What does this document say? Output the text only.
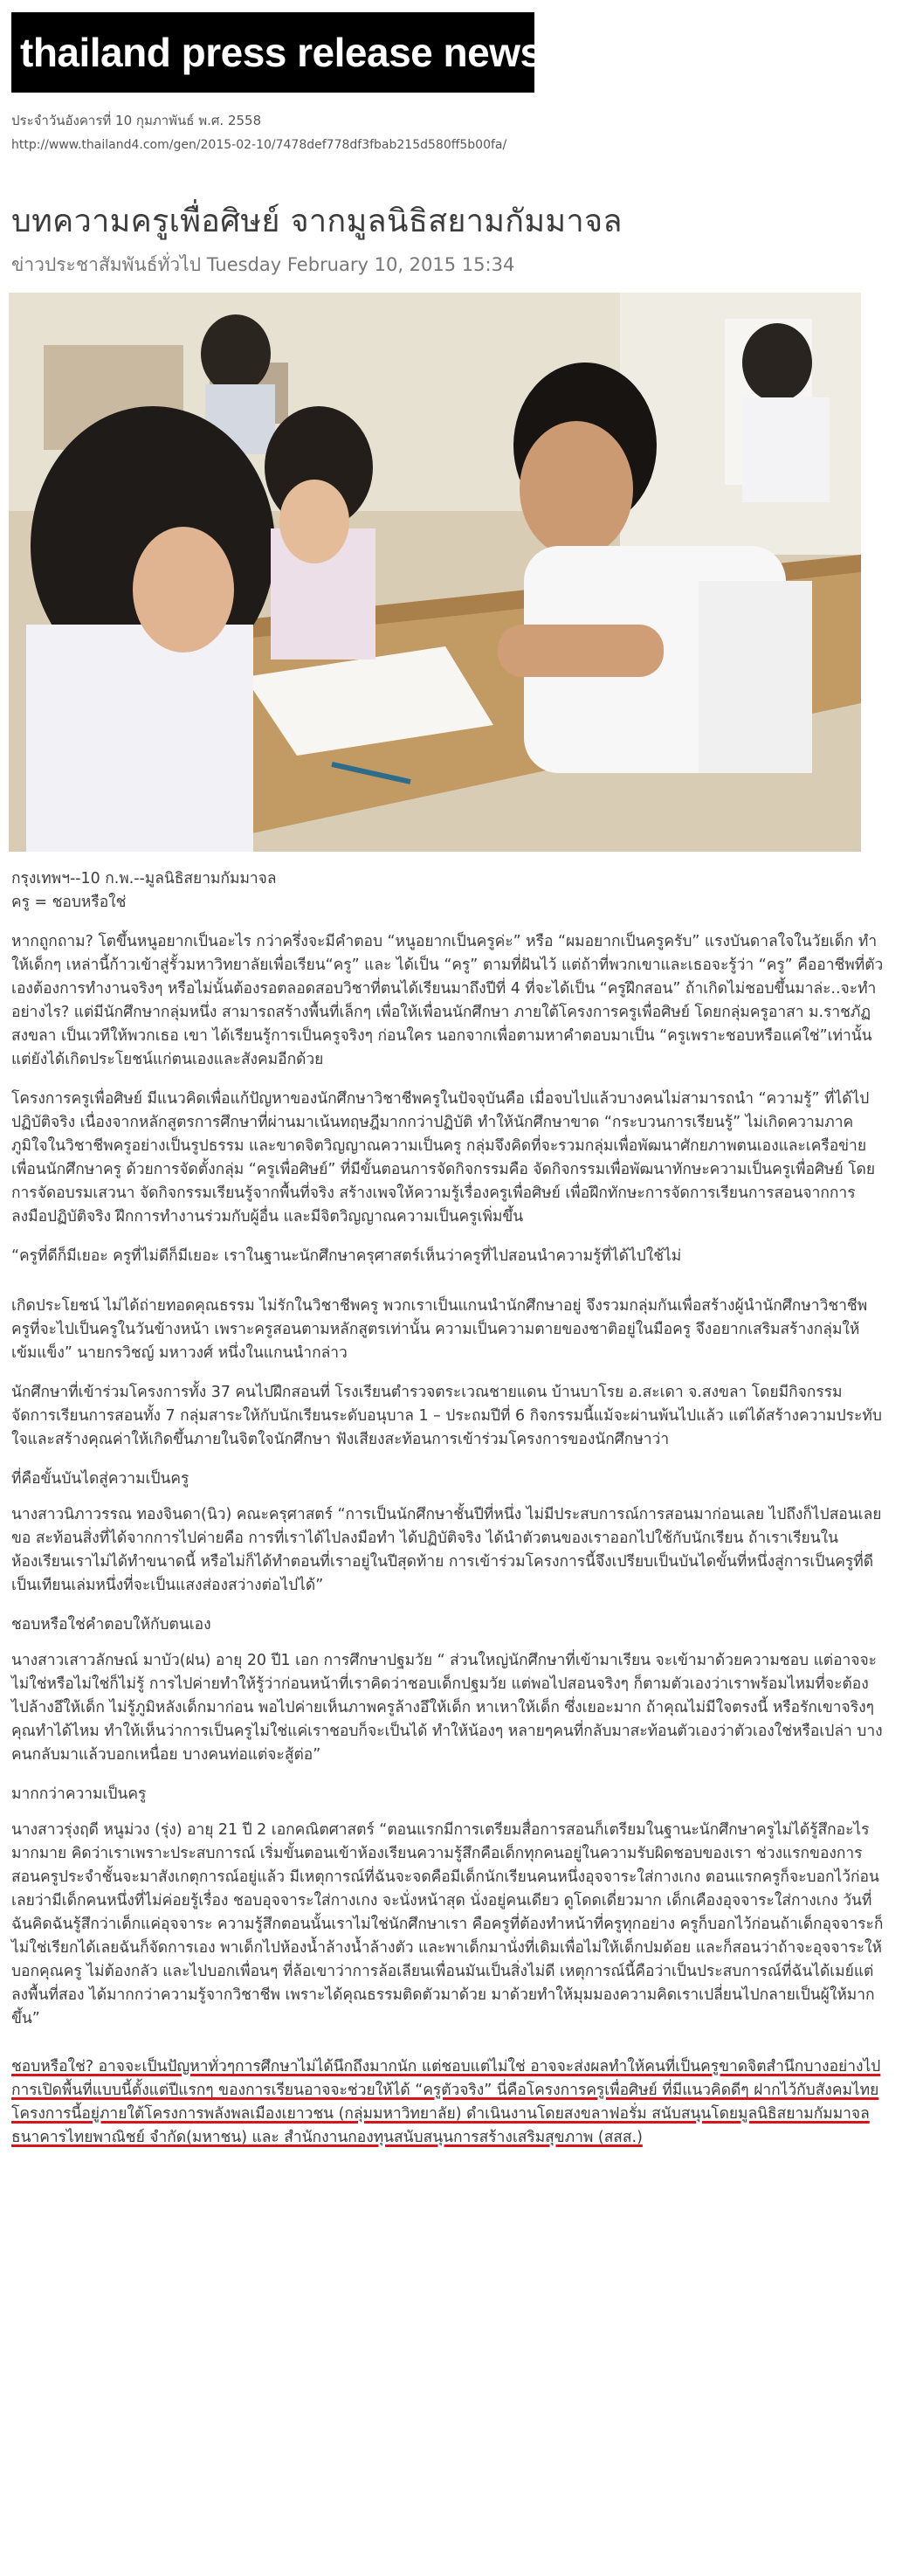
thailand press release news
ประจำวันอังคารที่ 10 กุมภาพันธ์ พ.ศ. 2558
http://www.thailand4.com/gen/2015-02-10/7478def778df3fbab215d580ff5b00fa/
บทความครูเพื่อศิษย์ จากมูลนิธิสยามกัมมาจล
ข่าวประชาสัมพันธ์ทั่วไป Tuesday February 10, 2015 15:34

กรุงเทพฯ--10 ก.พ.--มูลนิธิสยามกัมมาจล

ครู = ชอบหรือใช่

หากถูกถาม? โตขึ้นหนูอยากเป็นอะไร กว่าครึ่งจะมีคำตอบ “หนูอยากเป็นครูค่ะ” หรือ “ผมอยากเป็นครูครับ” แรงบันดาลใจในวัยเด็ก ทำให้เด็กๆ เหล่านี้ก้าวเข้าสู่รั้วมหาวิทยาลัยเพื่อเรียน“ครู” และ ได้เป็น “ครู” ตามที่ฝันไว้ แต่ถ้าที่พวกเขาและเธอจะรู้ว่า “ครู” คืออาชีพที่ตัวเองต้องการทำงานจริงๆ หรือไม่นั้นต้องรอตลอดสอบวิชาที่ตนได้เรียนมาถึงปีที่ 4 ที่จะได้เป็น “ครูฝึกสอน” ถ้าเกิดไม่ชอบขึ้นมาล่ะ..จะทำอย่างไร? แต่มีนักศึกษากลุ่มหนึ่ง สามารถสร้างพื้นที่เล็กๆ เพื่อให้เพื่อนนักศึกษา ภายใต้โครงการครูเพื่อศิษย์ โดยกลุ่มครูอาสา ม.ราชภัฏสงขลา เป็นเวทีให้พวกเธอ เขา ได้เรียนรู้การเป็นครูจริงๆ ก่อนใคร นอกจากเพื่อตามหาคำตอบมาเป็น “ครูเพราะชอบหรือแค่ใช่”เท่านั้น แต่ยังได้เกิดประโยชน์แก่ตนเองและสังคมอีกด้วย

โครงการครูเพื่อศิษย์ มีแนวคิดเพื่อแก้ปัญหาของนักศึกษาวิชาชีพครูในปัจจุบันคือ เมื่อจบไปแล้วบางคนไม่สามารถนำ “ความรู้” ที่ได้ไปปฏิบัติจริง เนื่องจากหลักสูตรการศึกษาที่ผ่านมาเน้นทฤษฎีมากกว่าปฏิบัติ ทำให้นักศึกษาขาด “กระบวนการเรียนรู้” ไม่เกิดความภาคภูมิใจในวิชาชีพครูอย่างเป็นรูปธรรม และขาดจิตวิญญาณความเป็นครู กลุ่มจึงคิดที่จะรวมกลุ่มเพื่อพัฒนาศักยภาพตนเองและเครือข่ายเพื่อนนักศึกษาครู ด้วยการจัดตั้งกลุ่ม “ครูเพื่อศิษย์” ที่มีขั้นตอนการจัดกิจกรรมคือ จัดกิจกรรมเพื่อพัฒนาทักษะความเป็นครูเพื่อศิษย์ โดยการจัดอบรมเสวนา จัดกิจกรรมเรียนรู้จากพื้นที่จริง สร้างเพจให้ความรู้เรื่องครูเพื่อศิษย์ เพื่อฝึกทักษะการจัดการเรียนการสอนจากการลงมือปฏิบัติจริง ฝึกการทำงานร่วมกับผู้อื่น และมีจิตวิญญาณความเป็นครูเพิ่มขึ้น

“ครูที่ดีก็มีเยอะ ครูที่ไม่ดีก็มีเยอะ เราในฐานะนักศึกษาครุศาสตร์เห็นว่าครูที่ไปสอนนำความรู้ที่ได้ไปใช้ไม่

เกิดประโยชน์ ไม่ได้ถ่ายทอดคุณธรรม ไม่รักในวิชาชีพครู พวกเราเป็นแกนนำนักศึกษาอยู่ จึงรวมกลุ่มกันเพื่อสร้างผู้นำนักศึกษาวิชาชีพครูที่จะไปเป็นครูในวันข้างหน้า เพราะครูสอนตามหลักสูตรเท่านั้น ความเป็นความตายของชาติอยู่ในมือครู จึงอยากเสริมสร้างกลุ่มให้เข้มแข็ง” นายกรวิชญ์ มหาวงศ์ หนึ่งในแกนนำกล่าว

นักศึกษาที่เข้าร่วมโครงการทั้ง 37 คนไปฝึกสอนที่ โรงเรียนตำรวจตระเวณชายแดน บ้านบาโรย อ.สะเดา จ.สงขลา โดยมีกิจกรรมจัดการเรียนการสอนทั้ง 7 กลุ่มสาระให้กับนักเรียนระดับอนุบาล 1 – ประถมปีที่ 6 กิจกรรมนี้แม้จะผ่านพ้นไปแล้ว แต่ได้สร้างความประทับใจและสร้างคุณค่าให้เกิดขึ้นภายในจิตใจนักศึกษา ฟังเสียงสะท้อนการเข้าร่วมโครงการของนักศึกษาว่า

ที่คือขั้นบันไดสู่ความเป็นครู

นางสาวนิภาวรรณ ทองจินดา(นิว) คณะครุศาสตร์ “การเป็นนักศึกษาชั้นปีที่หนึ่ง ไม่มีประสบการณ์การสอนมาก่อนเลย ไปถึงก็ไปสอนเลย ขอ สะท้อนสิ่งที่ได้จากการไปค่ายคือ การที่เราได้ไปลงมือทำ ได้ปฏิบัติจริง ได้นำตัวตนของเราออกไปใช้กับนักเรียน ถ้าเราเรียนในห้องเรียนเราไม่ได้ทำขนาดนี้ หรือไม่ก็ได้ทำตอนที่เราอยู่ในปีสุดท้าย การเข้าร่วมโครงการนี้จึงเปรียบเป็นบันไดขั้นที่หนึ่งสู่การเป็นครูที่ดี เป็นเทียนเล่มหนึ่งที่จะเป็นแสงส่องสว่างต่อไปได้”

ชอบหรือใช่คำตอบให้กับตนเอง

นางสาวเสาวลักษณ์ มาบัว(ฝน) อายุ 20 ปี1 เอก การศึกษาปฐมวัย “ ส่วนใหญ่นักศึกษาที่เข้ามาเรียน จะเข้ามาด้วยความชอบ แต่อาจจะไม่ใช่หรือไม่ใช่ก็ไม่รู้ การไปค่ายทำให้รู้ว่าก่อนหน้าที่เราคิดว่าชอบเด็กปฐมวัย แต่พอไปสอนจริงๆ ก็ตามตัวเองว่าเราพร้อมไหมที่จะต้องไปล้างอึให้เด็ก ไม่รู้ภูมิหลังเด็กมาก่อน พอไปค่ายเห็นภาพครูล้างอึให้เด็ก หาเหาให้เด็ก ซึ่งเยอะมาก ถ้าคุณไม่มีใจตรงนี้ หรือรักเขาจริงๆ คุณทำได้ไหม ทำให้เห็นว่าการเป็นครูไม่ใช่แค่เราชอบก็จะเป็นได้ ทำให้น้องๆ หลายๆคนที่กลับมาสะท้อนตัวเองว่าตัวเองใช่หรือเปล่า บางคนกลับมาแล้วบอกเหนื่อย บางคนท่อแต่จะสู้ต่อ”

มากกว่าความเป็นครู

นางสาวรุ่งฤดี หนูม่วง (รุ่ง) อายุ 21 ปี 2 เอกคณิตศาสตร์ “ตอนแรกมีการเตรียมสื่อการสอนก็เตรียมในฐานะนักศึกษาครูไม่ได้รู้สึกอะไรมากมาย คิดว่าเราเพราะประสบการณ์ เริ่มขั้นตอนเข้าห้องเรียนความรู้สึกคือเด็กทุกคนอยู่ในความรับผิดชอบของเรา ช่วงแรกของการสอนครูประจำชั้นจะมาสังเกตุการณ์อยู่แล้ว มีเหตุการณ์ที่ฉันจะจดคือมีเด็กนักเรียนคนหนึ่งอุจจาระใส่กางเกง ตอนแรกครูก็จะบอกไว้ก่อนเลยว่ามีเด็กคนหนึ่งที่ไม่ค่อยรู้เรื่อง ชอบอุจจาระใส่กางเกง จะนั่งหน้าสุด นั่งอยู่คนเดียว ดูโดดเดี่ยวมาก เด็กเคืองอุจจาระใส่กางเกง วันที่ฉันคิดฉันรู้สึกว่าเด็กแค่อุจจาระ ความรู้สึกตอนนั้นเราไม่ใช่นักศึกษาเรา คือครูที่ต้องทำหน้าที่ครูทุกอย่าง ครูก็บอกไว้ก่อนถ้าเด็กอุจจาระก็ไม่ใช่เรียกได้เลยฉันก็จัดการเอง พาเด็กไปห้องน้ำล้างน้ำล้างตัว และพาเด็กมานั่งที่เดิมเพื่อไม่ให้เด็กปมด้อย และก็สอนว่าถ้าจะอุจจาระให้บอกคุณครู ไม่ต้องกลัว และไปบอกเพื่อนๆ ที่ล้อเขาว่าการล้อเลียนเพื่อนมันเป็นสิ่งไม่ดี เหตุการณ์นี้คือว่าเป็นประสบการณ์ที่ฉันได้เมย์แต่ลงพื้นที่สอง ได้มากกว่าความรู้จากวิชาชีพ เพราะได้คุณธรรมติดตัวมาด้วย มาด้วยทำให้มุมมองความคิดเราเปลี่ยนไปกลายเป็นผู้ให้มากขึ้น”

ชอบหรือใช่? อาจจะเป็นปัญหาทั่วๆการศึกษาไม่ได้นึกถึงมากนัก แต่ชอบแต่ไม่ใช่ อาจจะส่งผลทำให้คนที่เป็นครูขาดจิตสำนึกบางอย่างไป การเปิดพื้นที่แบบนี้ตั้งแต่ปีแรกๆ ของการเรียนอาจจะช่วยให้ได้ “ครูตัวจริง” นี่คือโครงการครูเพื่อศิษย์ ที่มีแนวคิดดีๆ ฝากไว้กับสังคมไทย โครงการนี้อยู่ภายใต้โครงการพลังพลเมืองเยาวชน (กลุ่มมหาวิทยาลัย) ดำเนินงานโดยสงขลาฟอรั่ม สนับสนุนโดยมูลนิธิสยามกัมมาจล ธนาคารไทยพาณิชย์ จำกัด(มหาชน) และ สำนักงานกองทุนสนับสนุนการสร้างเสริมสุขภาพ (สสส.)
